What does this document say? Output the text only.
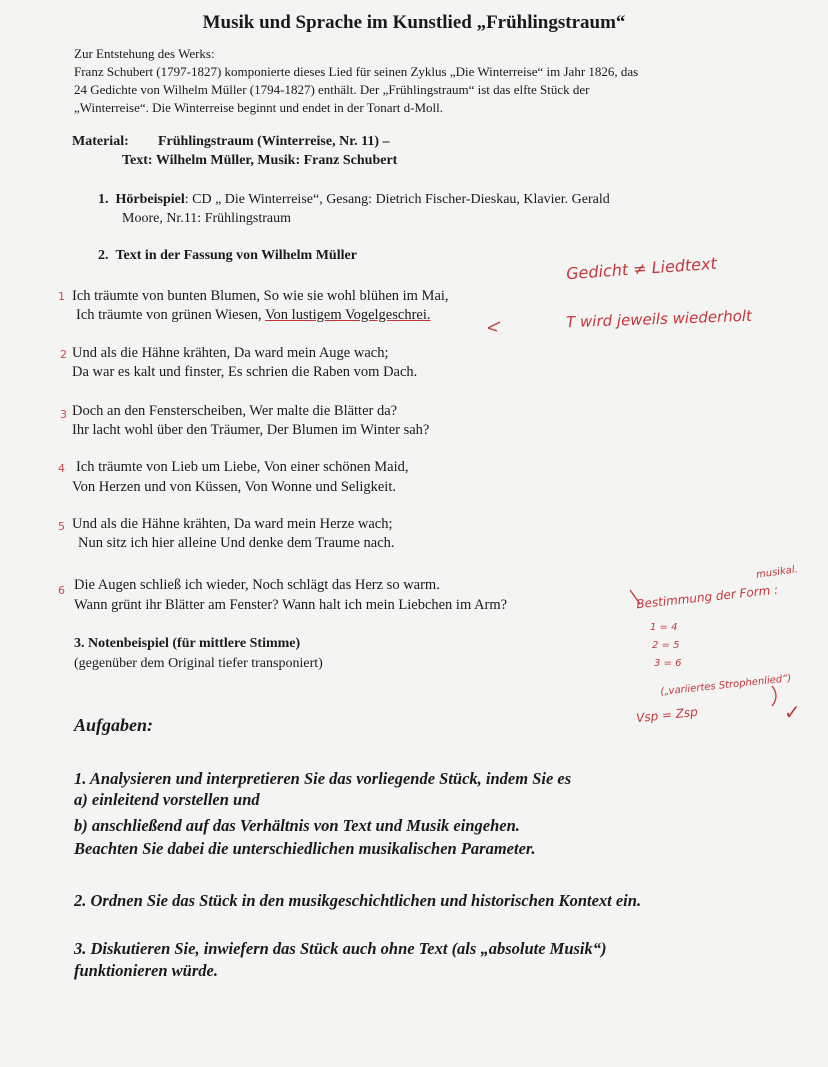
Musik und Sprache im Kunstlied „Frühlingstraum“
Zur Entstehung des Werks:
Franz Schubert (1797-1827) komponierte dieses Lied für seinen Zyklus „Die Winterreise“ im Jahr 1826, das
24 Gedichte von Wilhelm Müller (1794-1827) enthält. Der „Frühlingstraum“ ist das elfte Stück der
„Winterreise“. Die Winterreise beginnt und endet in der Tonart d-Moll.
Material: Frühlingstraum (Winterreise, Nr. 11) –
Text: Wilhelm Müller, Musik: Franz Schubert
1. Hörbeispiel: CD „ Die Winterreise“, Gesang: Dietrich Fischer-Dieskau, Klavier. Gerald
Moore, Nr.11: Frühlingstraum
2. Text in der Fassung von Wilhelm Müller
1 Ich träumte von bunten Blumen, So wie sie wohl blühen im Mai,
Ich träumte von grünen Wiesen, Von lustigem Vogelgeschrei.
2 Und als die Hähne krähten, Da ward mein Auge wach;
Da war es kalt und finster, Es schrien die Raben vom Dach.
3 Doch an den Fensterscheiben, Wer malte die Blätter da?
Ihr lacht wohl über den Träumer, Der Blumen im Winter sah?
4 Ich träumte von Lieb um Liebe, Von einer schönen Maid,
Von Herzen und von Küssen, Von Wonne und Seligkeit.
5 Und als die Hähne krähten, Da ward mein Herze wach;
Nun sitz ich hier alleine Und denke dem Traume nach.
6 Die Augen schließ ich wieder, Noch schlägt das Herz so warm.
Wann grünt ihr Blätter am Fenster? Wann halt ich mein Liebchen im Arm?
3. Notenbeispiel (für mittlere Stimme)
(gegenüber dem Original tiefer transponiert)
Aufgaben:
1. Analysieren und interpretieren Sie das vorliegende Stück, indem Sie es
a) einleitend vorstellen und
b) anschließend auf das Verhältnis von Text und Musik eingehen.
Beachten Sie dabei die unterschiedlichen musikalischen Parameter.
2. Ordnen Sie das Stück in den musikgeschichtlichen und historischen Kontext ein.
3. Diskutieren Sie, inwiefern das Stück auch ohne Text (als „absolute Musik“)
funktionieren würde.
Gedicht ≠ Liedtext
T wird jeweils wiederholt
musikal.
Bestimmung der Form :
1 = 4
2 = 5
3 = 6
(„variiertes Strophenlied“)
Vsp = Zsp	✓
